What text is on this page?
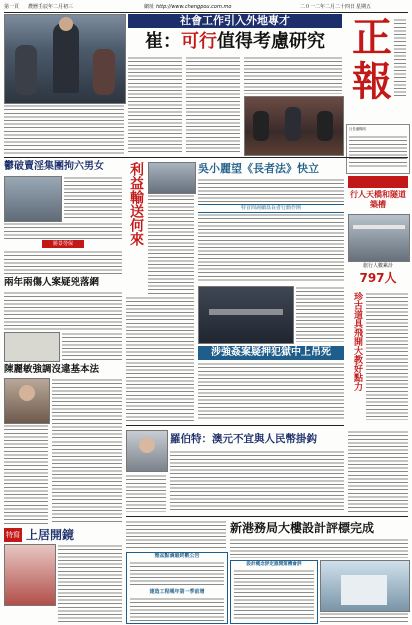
第一頁 農曆壬辰年二月初三	網址 http://www.chengpou.com.mo	二０一二年二月二十四日 星期五
社會工作引入外地專才
崔：可行值得考慮研究 正
報
社長潘暢明
鬱破賣淫集團拘六男女
勝景勞保
兩年兩傷人案疑兇落網
陳麗敏強調沒違基本法
特寫 上居開鏡
利益輸送何來	吳小麗望《長者法》快立
特首問詢續爲長者行動作開
涉強姦案疑押犯獄中上吊死
羅伯特：澳元不宜與人民幣掛鈎
行人天橋和隧道築槽
旅行人數累計
797人
珍古道具飛開大教好點力
新港務局大樓設計評標完成
雅盆點滴最終數公告
建造工程嘆年第一季前增
設計概念評定誰開第機會評
